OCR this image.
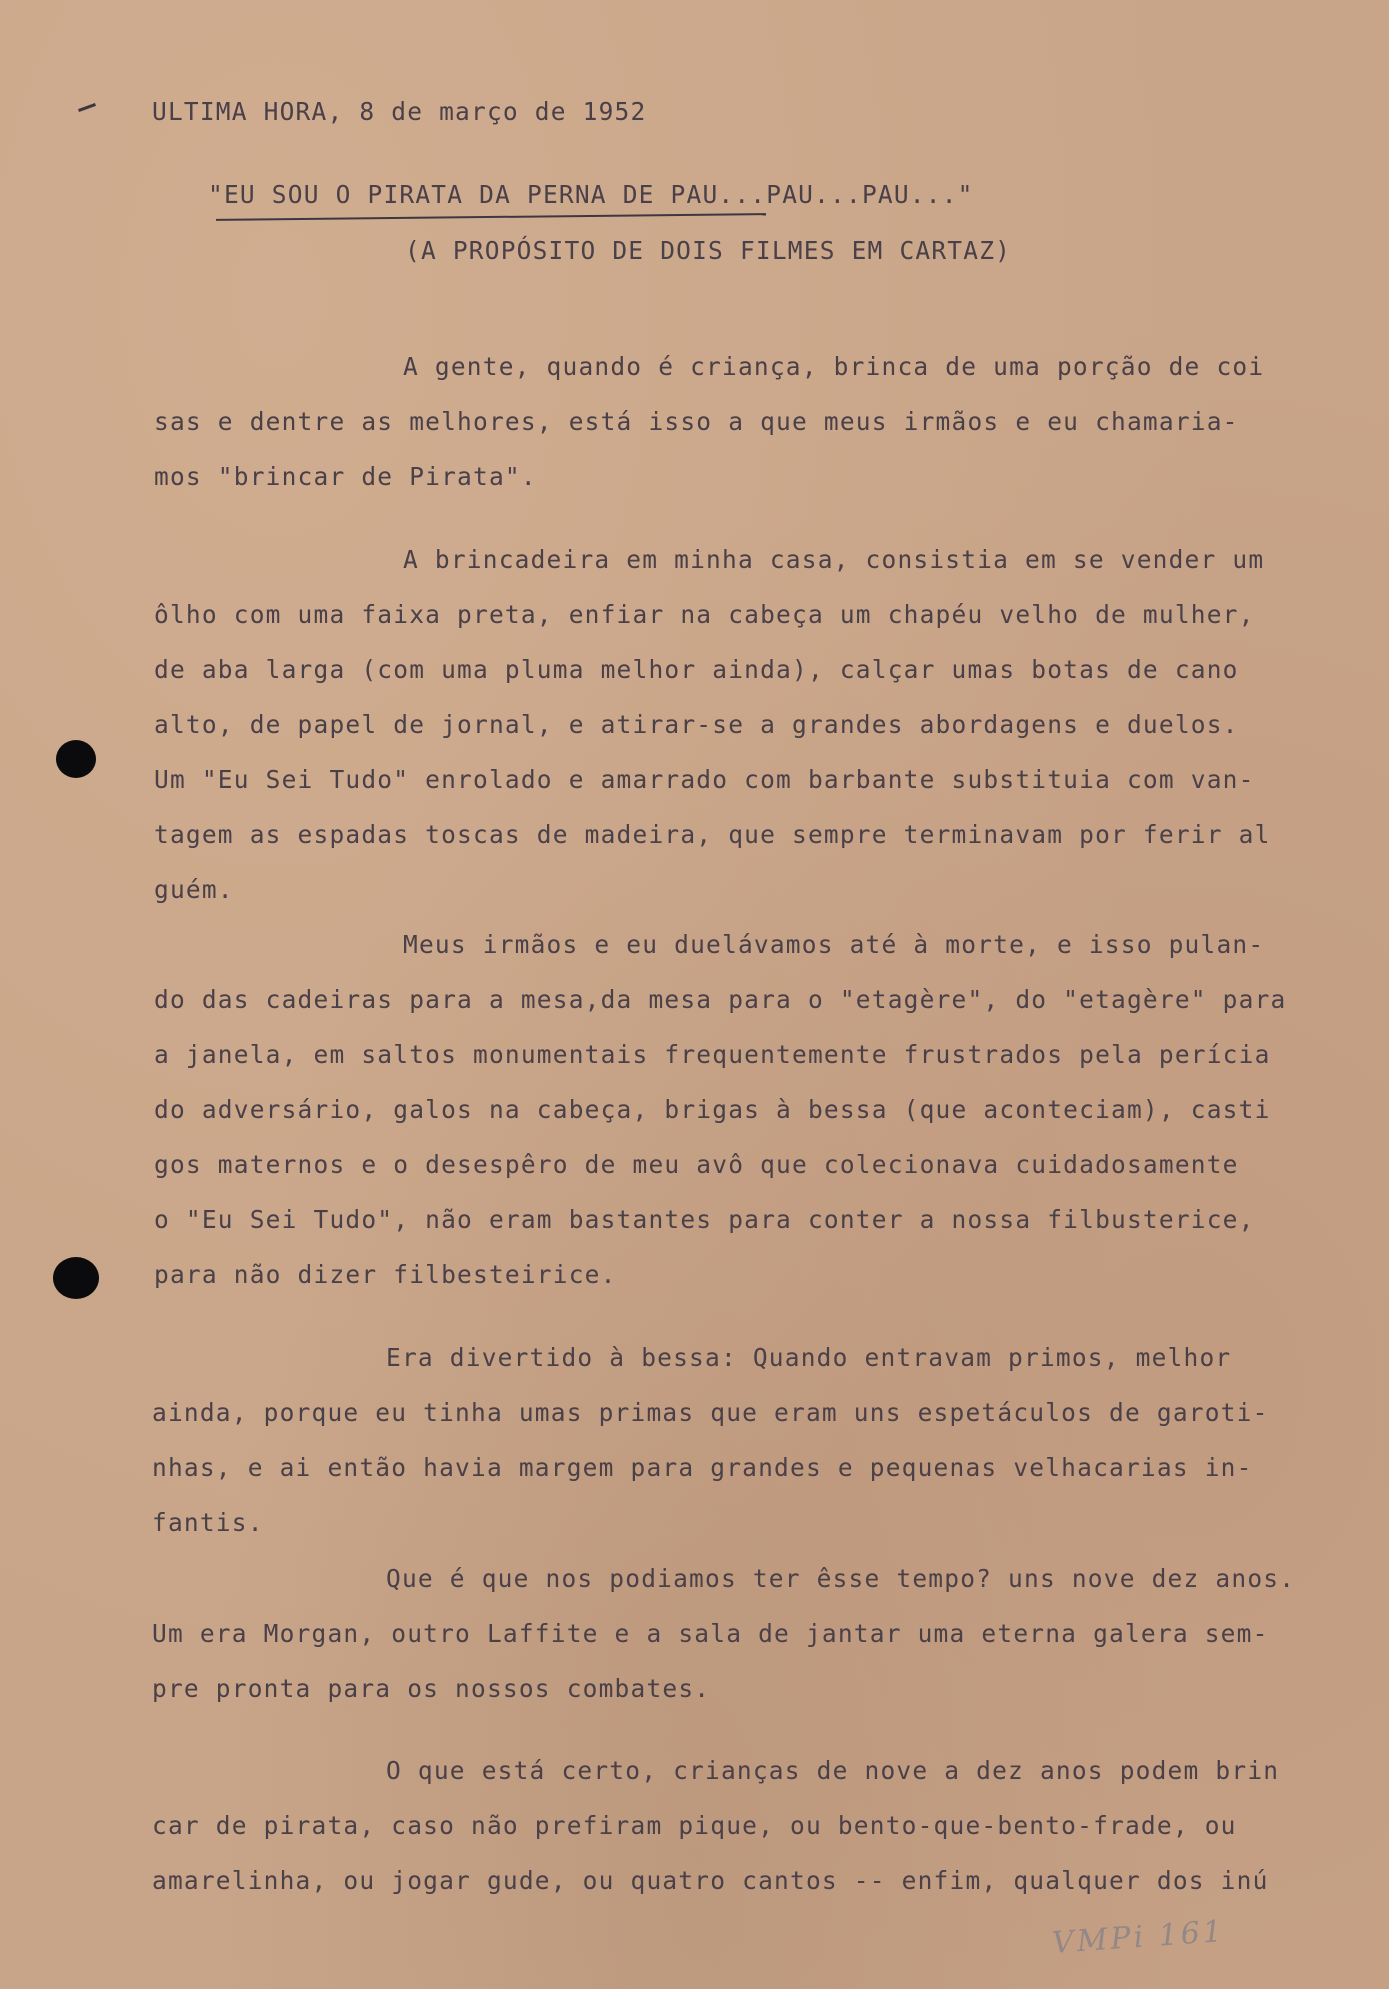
ULTIMA HORA, 8 de março de 1952
"EU SOU O PIRATA DA PERNA DE PAU...PAU...PAU..."
(A PROPÓSITO DE DOIS FILMES EM CARTAZ)
A gente, quando é criança, brinca de uma porção de coi
sas e dentre as melhores, está isso a que meus irmãos e eu chamaria-
mos "brincar de Pirata".
A brincadeira em minha casa, consistia em se vender um
ôlho com uma faixa preta, enfiar na cabeça um chapéu velho de mulher,
de aba larga (com uma pluma melhor ainda), calçar umas botas de cano
alto, de papel de jornal, e atirar-se a grandes abordagens e duelos.
Um "Eu Sei Tudo" enrolado e amarrado com barbante substituia com van-
tagem as espadas toscas de madeira, que sempre terminavam por ferir al
guém.
Meus irmãos e eu duelávamos até à morte, e isso pulan-
do das cadeiras para a mesa,da mesa para o "etagère", do "etagère" para
a janela, em saltos monumentais frequentemente frustrados pela perícia
do adversário, galos na cabeça, brigas à bessa (que aconteciam), casti
gos maternos e o desespêro de meu avô que colecionava cuidadosamente
o "Eu Sei Tudo", não eram bastantes para conter a nossa filbusterice,
para não dizer filbesteirice.
Era divertido à bessa: Quando entravam primos, melhor
ainda, porque eu tinha umas primas que eram uns espetáculos de garoti-
nhas, e ai então havia margem para grandes e pequenas velhacarias in-
fantis.
Que é que nos podiamos ter êsse tempo? uns nove dez anos.
Um era Morgan, outro Laffite e a sala de jantar uma eterna galera sem-
pre pronta para os nossos combates.
O que está certo, crianças de nove a dez anos podem brin
car de pirata, caso não prefiram pique, ou bento-que-bento-frade, ou
amarelinha, ou jogar gude, ou quatro cantos -- enfim, qualquer dos inú
VMPi 161
